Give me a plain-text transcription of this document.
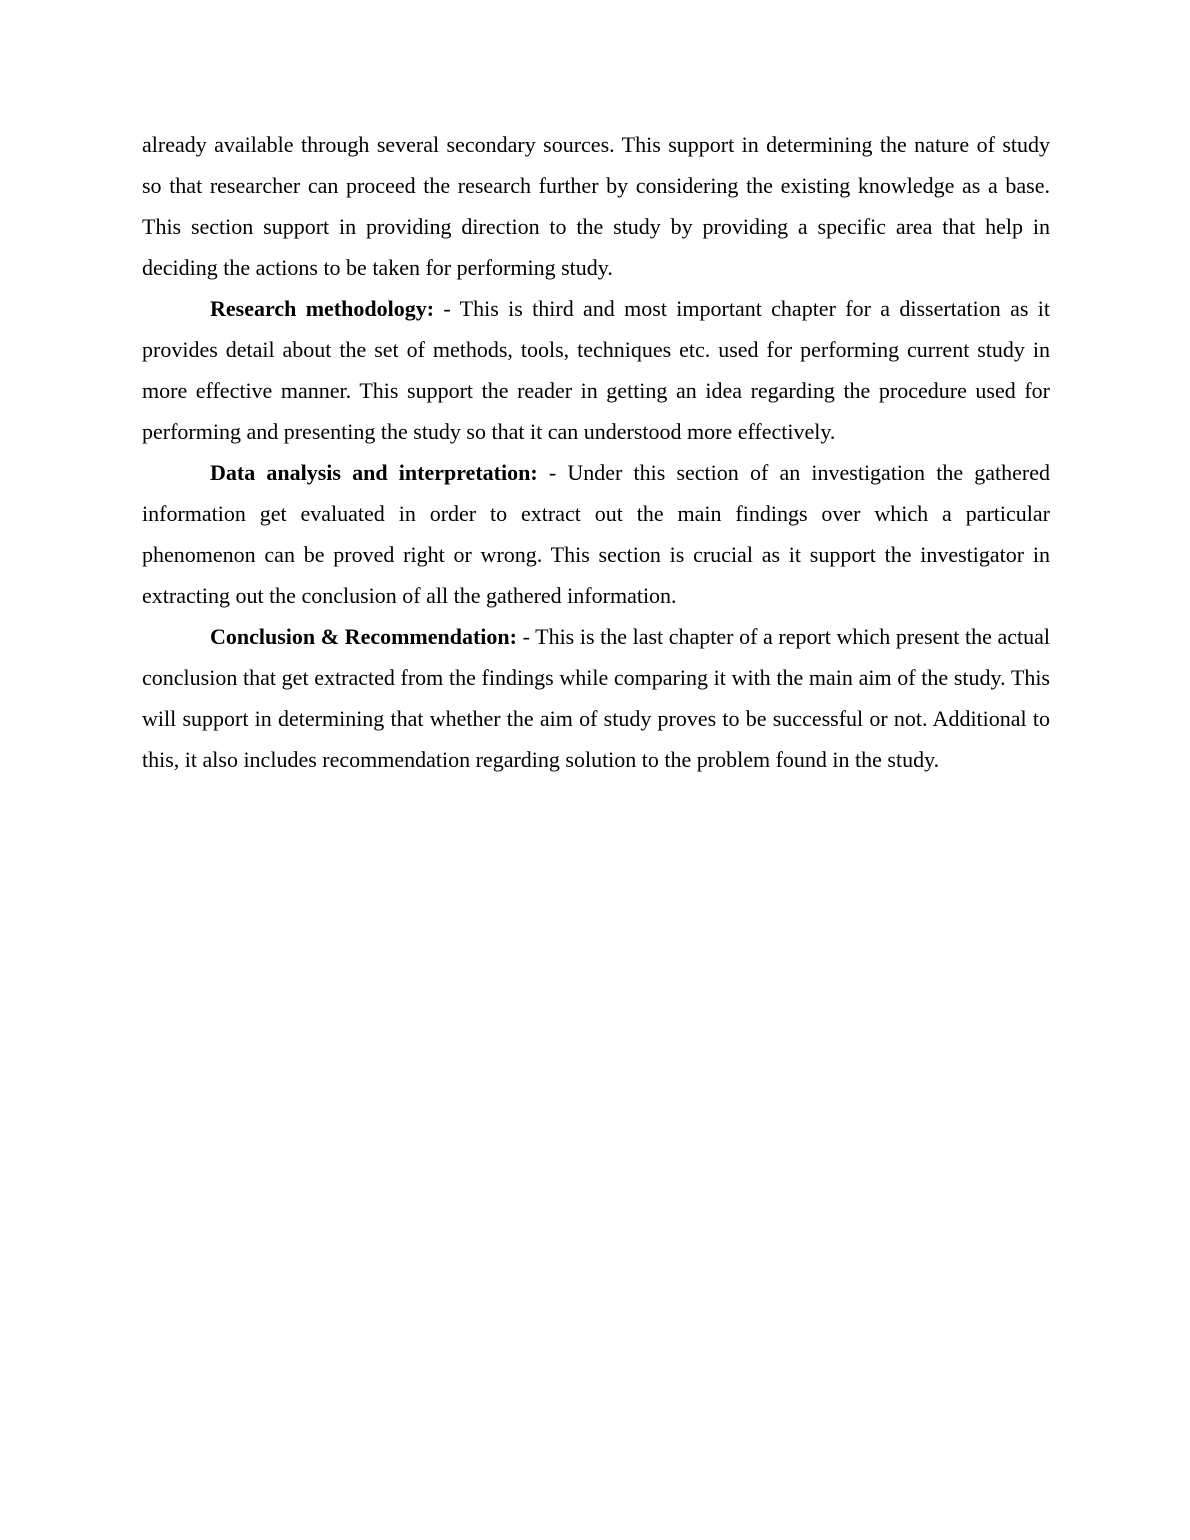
already available through several secondary sources. This support in determining the nature of study so that researcher can proceed the research further by considering the existing knowledge as a base. This section support in providing direction to the study by providing a specific area that help in deciding the actions to be taken for performing study.

Research methodology: - This is third and most important chapter for a dissertation as it provides detail about the set of methods, tools, techniques etc. used for performing current study in more effective manner. This support the reader in getting an idea regarding the procedure used for performing and presenting the study so that it can understood more effectively.

Data analysis and interpretation: - Under this section of an investigation the gathered information get evaluated in order to extract out the main findings over which a particular phenomenon can be proved right or wrong. This section is crucial as it support the investigator in extracting out the conclusion of all the gathered information.

Conclusion & Recommendation: - This is the last chapter of a report which present the actual conclusion that get extracted from the findings while comparing it with the main aim of the study. This will support in determining that whether the aim of study proves to be successful or not. Additional to this, it also includes recommendation regarding solution to the problem found in the study.
